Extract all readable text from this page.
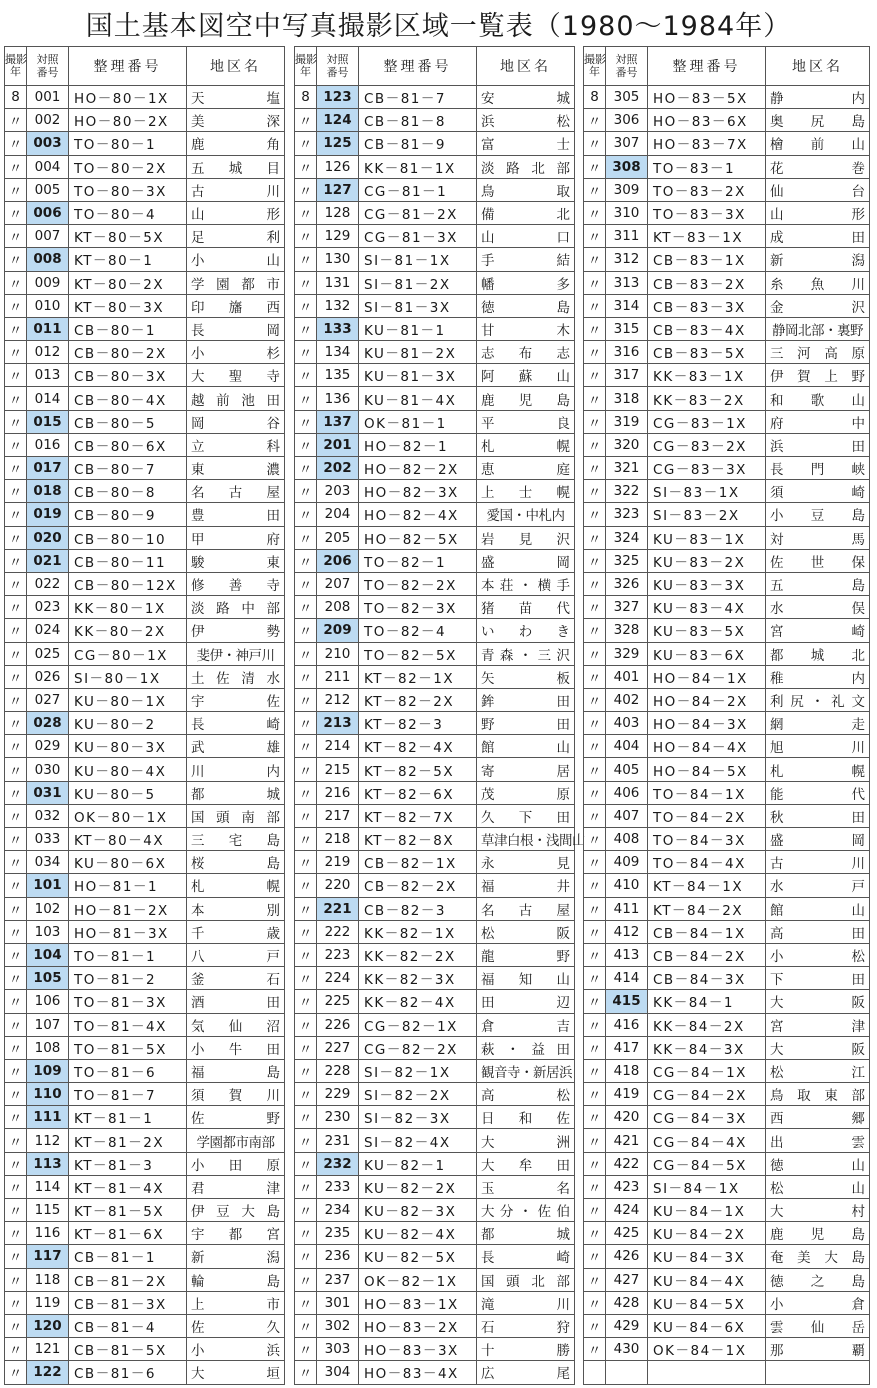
国土基本図空中写真撮影区域一覧表（1980〜1984年）
撮影
年	対照
番号	整理番号	地区名
8	001	HO－80－1X	天塩
〃	002	HO－80－2X	美深
〃	003	TO－80－1	鹿角
〃	004	TO－80－2X	五城目
〃	005	TO－80－3X	古川
〃	006	TO－80－4	山形
〃	007	KT－80－5X	足利
〃	008	KT－80－1	小山
〃	009	KT－80－2X	学園都市
〃	010	KT－80－3X	印旛西
〃	011	CB－80－1	長岡
〃	012	CB－80－2X	小杉
〃	013	CB－80－3X	大聖寺
〃	014	CB－80－4X	越前池田
〃	015	CB－80－5	岡谷
〃	016	CB－80－6X	立科
〃	017	CB－80－7	東濃
〃	018	CB－80－8	名古屋
〃	019	CB－80－9	豊田
〃	020	CB－80－10	甲府
〃	021	CB－80－11	駿東
〃	022	CB－80－12X	修善寺
〃	023	KK－80－1X	淡路中部
〃	024	KK－80－2X	伊勢
〃	025	CG－80－1X	斐伊・神戸川
〃	026	SI－80－1X	土佐清水
〃	027	KU－80－1X	宇佐
〃	028	KU－80－2	長崎
〃	029	KU－80－3X	武雄
〃	030	KU－80－4X	川内
〃	031	KU－80－5	都城
〃	032	OK－80－1X	国頭南部
〃	033	KT－80－4X	三宅島
〃	034	KU－80－6X	桜島
〃	101	HO－81－1	札幌
〃	102	HO－81－2X	本別
〃	103	HO－81－3X	千歳
〃	104	TO－81－1	八戸
〃	105	TO－81－2	釜石
〃	106	TO－81－3X	酒田
〃	107	TO－81－4X	気仙沼
〃	108	TO－81－5X	小牛田
〃	109	TO－81－6	福島
〃	110	TO－81－7	須賀川
〃	111	KT－81－1	佐野
〃	112	KT－81－2X	学園都市南部
〃	113	KT－81－3	小田原
〃	114	KT－81－4X	君津
〃	115	KT－81－5X	伊豆大島
〃	116	KT－81－6X	宇都宮
〃	117	CB－81－1	新潟
〃	118	CB－81－2X	輪島
〃	119	CB－81－3X	上市
〃	120	CB－81－4	佐久
〃	121	CB－81－5X	小浜
〃	122	CB－81－6	大垣
撮影
年	対照
番号	整理番号	地区名
8	123	CB－81－7	安城
〃	124	CB－81－8	浜松
〃	125	CB－81－9	富士
〃	126	KK－81－1X	淡路北部
〃	127	CG－81－1	鳥取
〃	128	CG－81－2X	備北
〃	129	CG－81－3X	山口
〃	130	SI－81－1X	手結
〃	131	SI－81－2X	幡多
〃	132	SI－81－3X	徳島
〃	133	KU－81－1	甘木
〃	134	KU－81－2X	志布志
〃	135	KU－81－3X	阿蘇山
〃	136	KU－81－4X	鹿児島
〃	137	OK－81－1	平良
〃	201	HO－82－1	札幌
〃	202	HO－82－2X	恵庭
〃	203	HO－82－3X	上士幌
〃	204	HO－82－4X	愛国・中札内
〃	205	HO－82－5X	岩見沢
〃	206	TO－82－1	盛岡
〃	207	TO－82－2X	本荘・横手
〃	208	TO－82－3X	猪苗代
〃	209	TO－82－4	いわき
〃	210	TO－82－5X	青森・三沢
〃	211	KT－82－1X	矢板
〃	212	KT－82－2X	鉾田
〃	213	KT－82－3	野田
〃	214	KT－82－4X	館山
〃	215	KT－82－5X	寄居
〃	216	KT－82－6X	茂原
〃	217	KT－82－7X	久下田
〃	218	KT－82－8X	草津白根・浅間山
〃	219	CB－82－1X	永見
〃	220	CB－82－2X	福井
〃	221	CB－82－3	名古屋
〃	222	KK－82－1X	松阪
〃	223	KK－82－2X	龍野
〃	224	KK－82－3X	福知山
〃	225	KK－82－4X	田辺
〃	226	CG－82－1X	倉吉
〃	227	CG－82－2X	萩・益田
〃	228	SI－82－1X	観音寺・新居浜
〃	229	SI－82－2X	高松
〃	230	SI－82－3X	日和佐
〃	231	SI－82－4X	大洲
〃	232	KU－82－1	大牟田
〃	233	KU－82－2X	玉名
〃	234	KU－82－3X	大分・佐伯
〃	235	KU－82－4X	都城
〃	236	KU－82－5X	長崎
〃	237	OK－82－1X	国頭北部
〃	301	HO－83－1X	滝川
〃	302	HO－83－2X	石狩
〃	303	HO－83－3X	十勝
〃	304	HO－83－4X	広尾
撮影
年	対照
番号	整理番号	地区名
8	305	HO－83－5X	静内
〃	306	HO－83－6X	奥尻島
〃	307	HO－83－7X	檜前山
〃	308	TO－83－1	花巻
〃	309	TO－83－2X	仙台
〃	310	TO－83－3X	山形
〃	311	KT－83－1X	成田
〃	312	CB－83－1X	新潟
〃	313	CB－83－2X	糸魚川
〃	314	CB－83－3X	金沢
〃	315	CB－83－4X	静岡北部・裏野
〃	316	CB－83－5X	三河高原
〃	317	KK－83－1X	伊賀上野
〃	318	KK－83－2X	和歌山
〃	319	CG－83－1X	府中
〃	320	CG－83－2X	浜田
〃	321	CG－83－3X	長門峡
〃	322	SI－83－1X	須崎
〃	323	SI－83－2X	小豆島
〃	324	KU－83－1X	対馬
〃	325	KU－83－2X	佐世保
〃	326	KU－83－3X	五島
〃	327	KU－83－4X	水俣
〃	328	KU－83－5X	宮崎
〃	329	KU－83－6X	都城北
〃	401	HO－84－1X	稚内
〃	402	HO－84－2X	利尻・礼文
〃	403	HO－84－3X	網走
〃	404	HO－84－4X	旭川
〃	405	HO－84－5X	札幌
〃	406	TO－84－1X	能代
〃	407	TO－84－2X	秋田
〃	408	TO－84－3X	盛岡
〃	409	TO－84－4X	古川
〃	410	KT－84－1X	水戸
〃	411	KT－84－2X	館山
〃	412	CB－84－1X	高田
〃	413	CB－84－2X	小松
〃	414	CB－84－3X	下田
〃	415	KK－84－1	大阪
〃	416	KK－84－2X	宮津
〃	417	KK－84－3X	大阪
〃	418	CG－84－1X	松江
〃	419	CG－84－2X	鳥取東部
〃	420	CG－84－3X	西郷
〃	421	CG－84－4X	出雲
〃	422	CG－84－5X	徳山
〃	423	SI－84－1X	松山
〃	424	KU－84－1X	大村
〃	425	KU－84－2X	鹿児島
〃	426	KU－84－3X	奄美大島
〃	427	KU－84－4X	徳之島
〃	428	KU－84－5X	小倉
〃	429	KU－84－6X	雲仙岳
〃	430	OK－84－1X	那覇
